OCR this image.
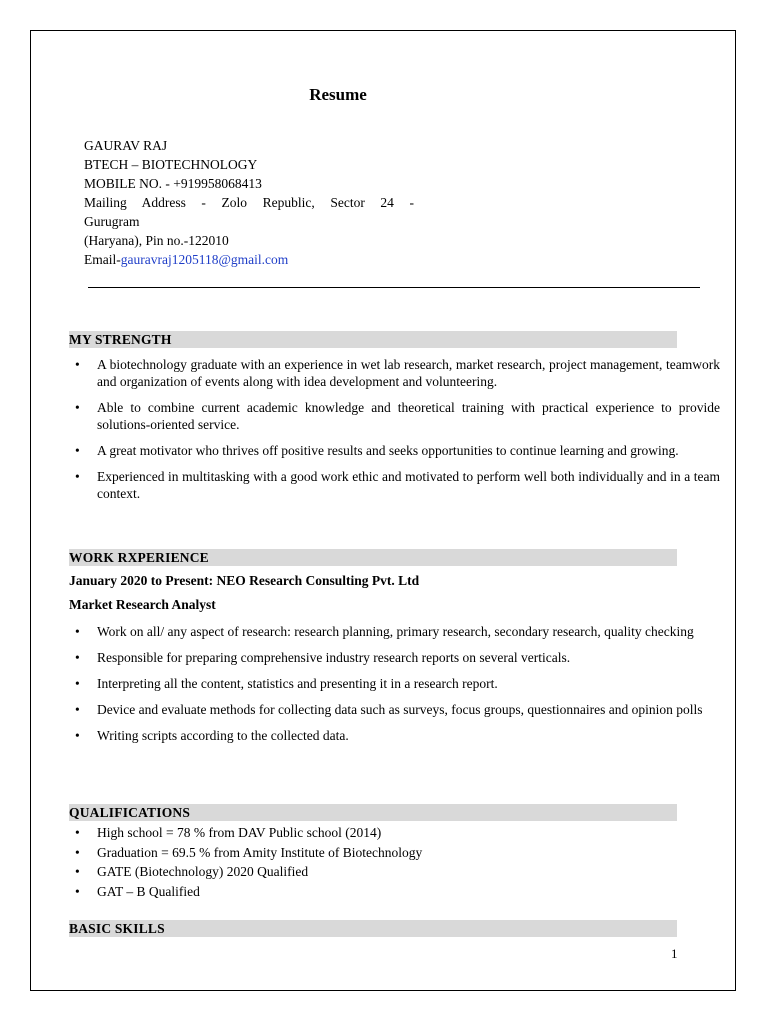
Resume
GAURAV RAJ
BTECH – BIOTECHNOLOGY
MOBILE NO. - +919958068413
Mailing Address - Zolo Republic, Sector 24 -
Gurugram
(Haryana), Pin no.-122010
Email-gauravraj1205118@gmail.com
MY STRENGTH
• A biotechnology graduate with an experience in wet lab research, market research, project management, teamwork and organization of events along with idea development and volunteering.
• Able to combine current academic knowledge and theoretical training with practical experience to provide solutions-oriented service.
• A great motivator who thrives off positive results and seeks opportunities to continue learning and growing.
• Experienced in multitasking with a good work ethic and motivated to perform well both individually and in a team context.
WORK RXPERIENCE
January 2020 to Present: NEO Research Consulting Pvt. Ltd
Market Research Analyst
• Work on all/ any aspect of research: research planning, primary research, secondary research, quality checking
• Responsible for preparing comprehensive industry research reports on several verticals.
• Interpreting all the content, statistics and presenting it in a research report.
• Device and evaluate methods for collecting data such as surveys, focus groups, questionnaires and opinion polls
• Writing scripts according to the collected data.
QUALIFICATIONS
• High school = 78 % from DAV Public school (2014)
• Graduation = 69.5 % from Amity Institute of Biotechnology
• GATE (Biotechnology) 2020 Qualified
• GAT – B Qualified
BASIC SKILLS
1
